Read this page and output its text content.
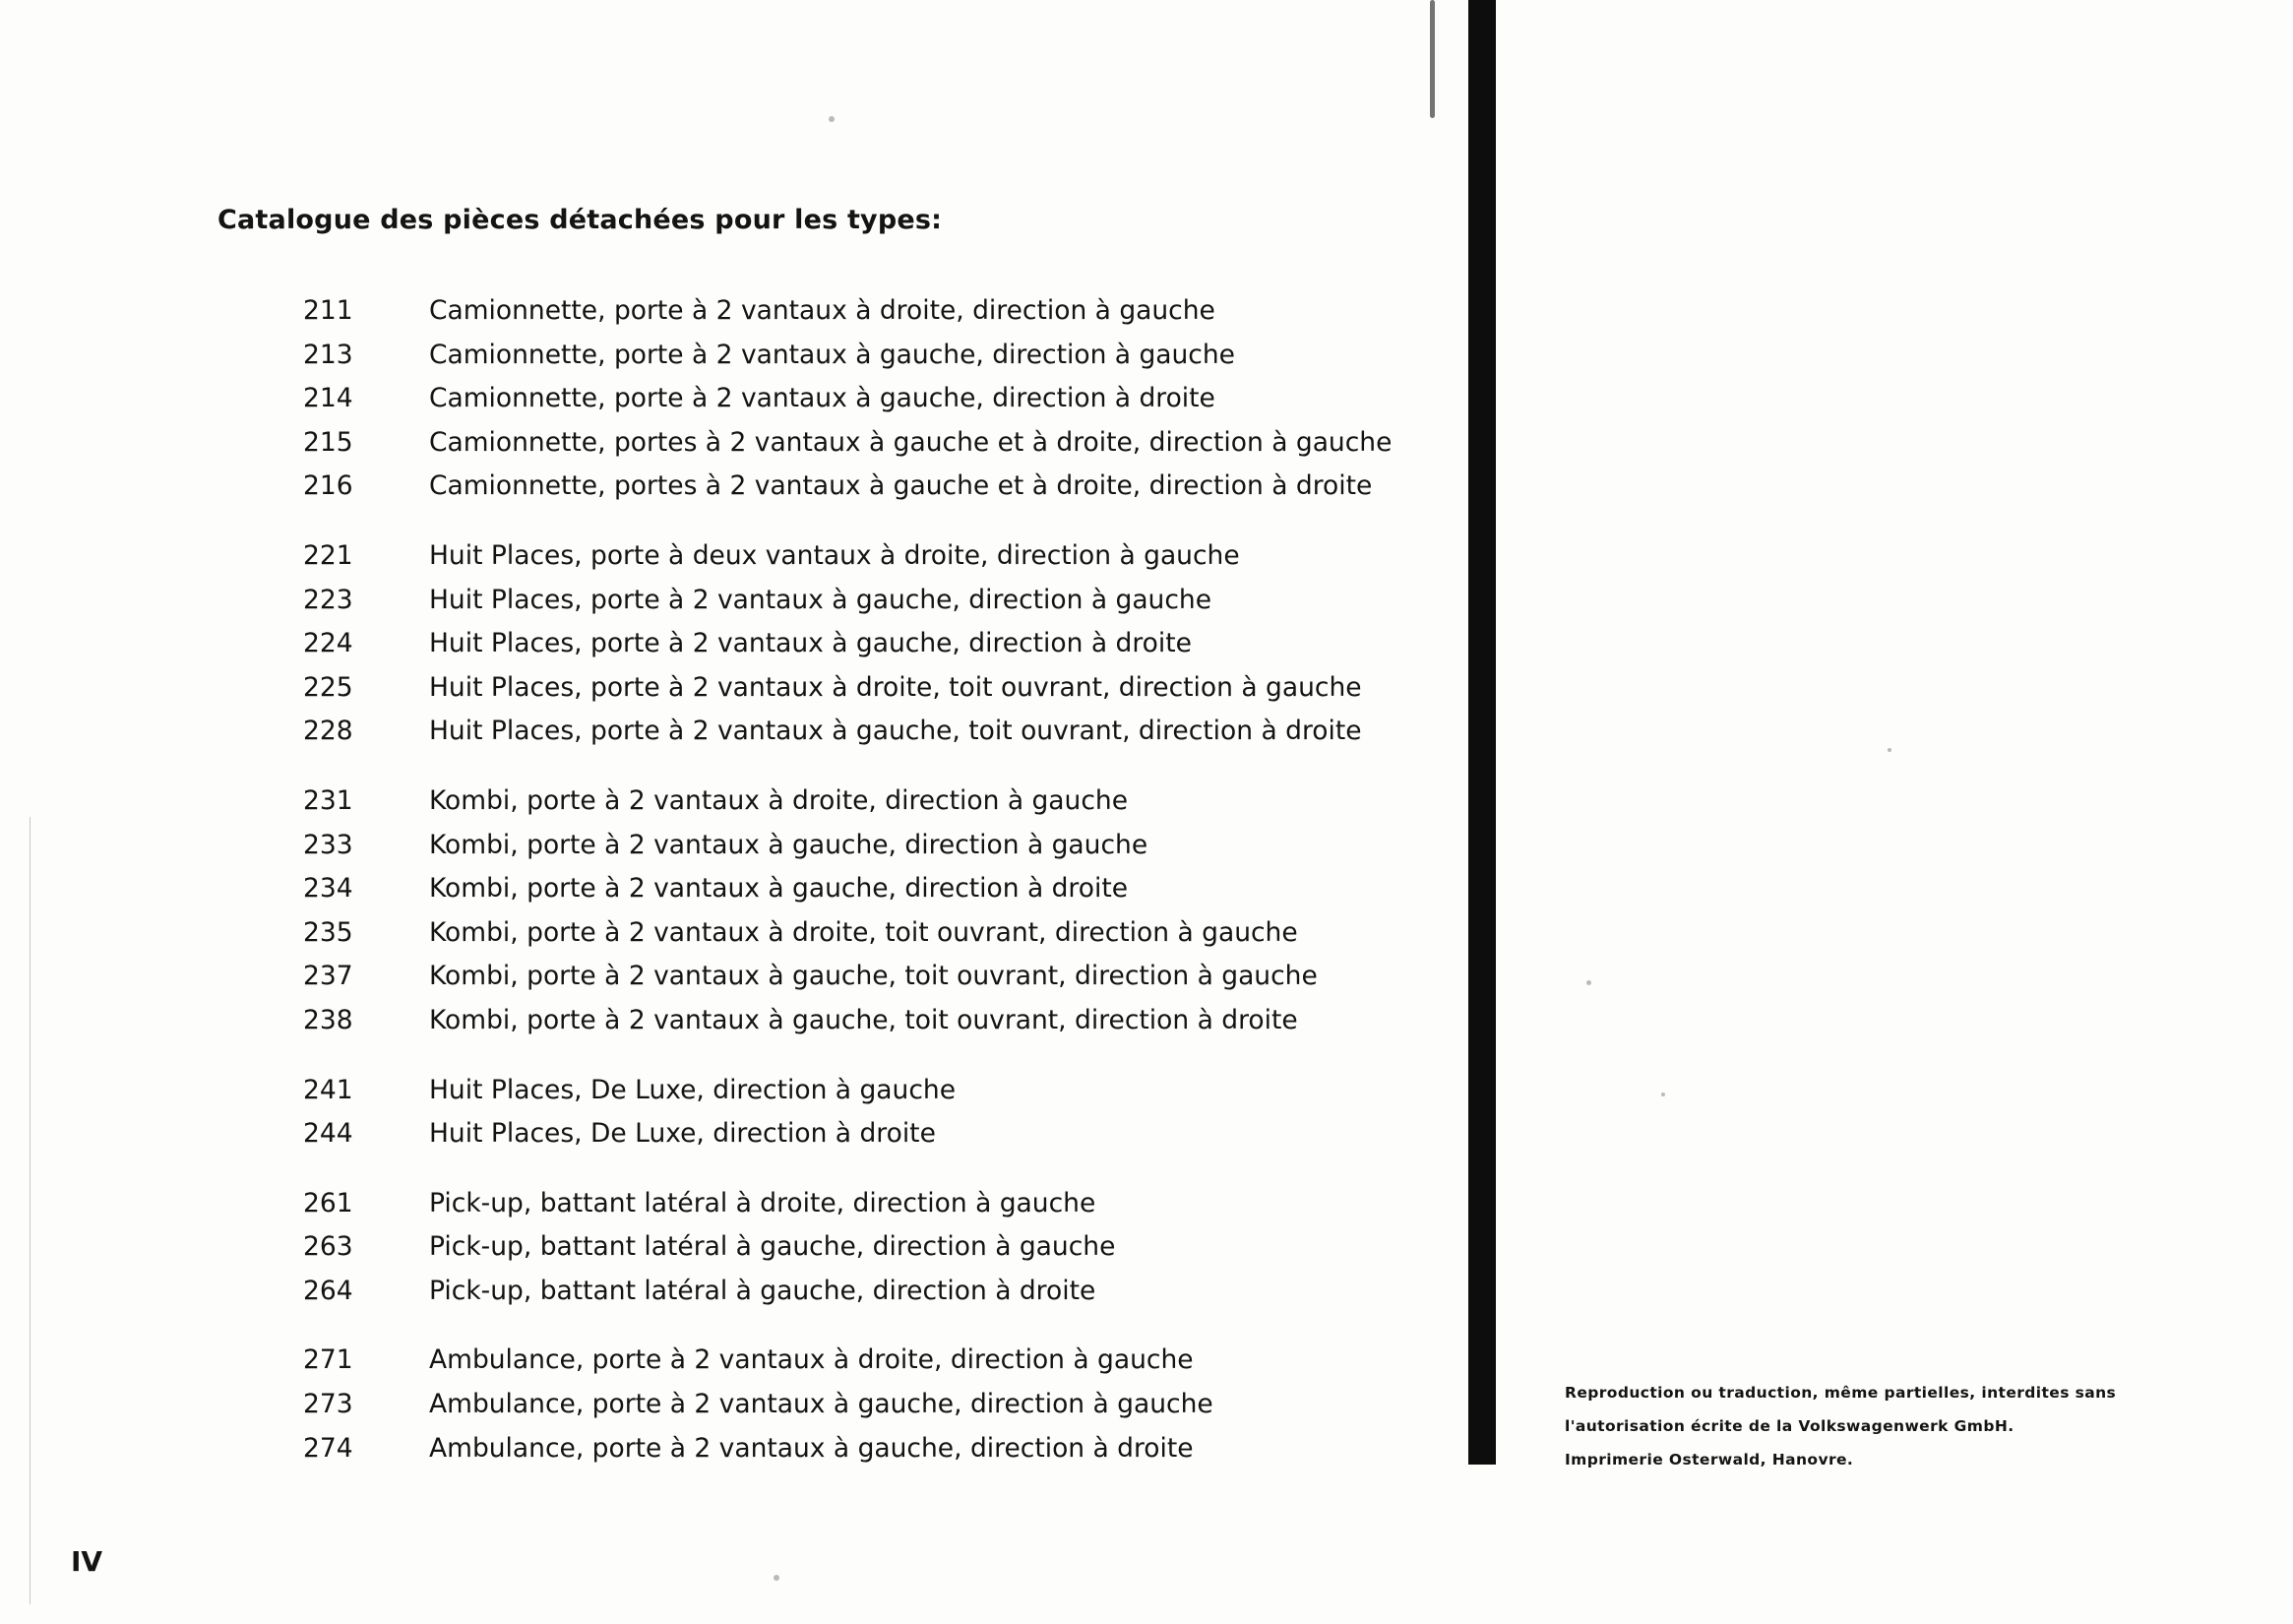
Catalogue des pièces détachées pour les types:
211	Camionnette, porte à 2 vantaux à droite, direction à gauche
213	Camionnette, porte à 2 vantaux à gauche, direction à gauche
214	Camionnette, porte à 2 vantaux à gauche, direction à droite
215	Camionnette, portes à 2 vantaux à gauche et à droite, direction à gauche
216	Camionnette, portes à 2 vantaux à gauche et à droite, direction à droite
221	Huit Places, porte à deux vantaux à droite, direction à gauche
223	Huit Places, porte à 2 vantaux à gauche, direction à gauche
224	Huit Places, porte à 2 vantaux à gauche, direction à droite
225	Huit Places, porte à 2 vantaux à droite, toit ouvrant, direction à gauche
228	Huit Places, porte à 2 vantaux à gauche, toit ouvrant, direction à droite
231	Kombi, porte à 2 vantaux à droite, direction à gauche
233	Kombi, porte à 2 vantaux à gauche, direction à gauche
234	Kombi, porte à 2 vantaux à gauche, direction à droite
235	Kombi, porte à 2 vantaux à droite, toit ouvrant, direction à gauche
237	Kombi, porte à 2 vantaux à gauche, toit ouvrant, direction à gauche
238	Kombi, porte à 2 vantaux à gauche, toit ouvrant, direction à droite
241	Huit Places, De Luxe, direction à gauche
244	Huit Places, De Luxe, direction à droite
261	Pick-up, battant latéral à droite, direction à gauche
263	Pick-up, battant latéral à gauche, direction à gauche
264	Pick-up, battant latéral à gauche, direction à droite
271	Ambulance, porte à 2 vantaux à droite, direction à gauche
273	Ambulance, porte à 2 vantaux à gauche, direction à gauche
274	Ambulance, porte à 2 vantaux à gauche, direction à droite
Reproduction ou traduction, même partielles, interdites sans
l'autorisation écrite de la Volkswagenwerk GmbH.
Imprimerie Osterwald, Hanovre.
IV
